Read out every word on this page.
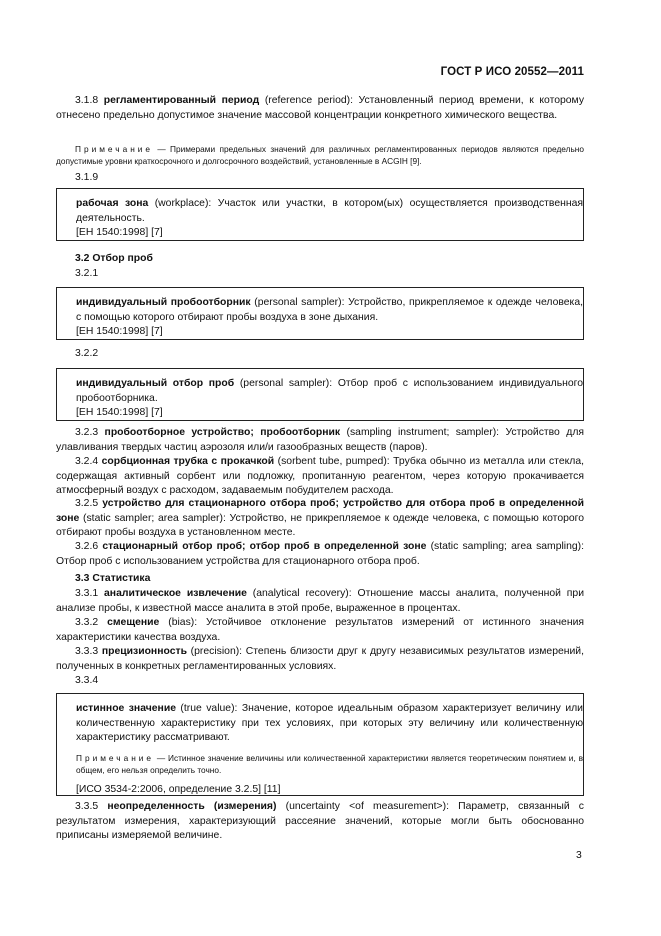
ГОСТ Р ИСО 20552—2011
3.1.8 регламентированный период (reference period): Установленный период времени, к которому отнесено предельно допустимое значение массовой концентрации конкретного химического вещества.
Примечание — Примерами предельных значений для различных регламентированных периодов являются предельно допустимые уровни краткосрочного и долгосрочного воздействий, установленные в ACGIH [9].
3.1.9
рабочая зона (workplace): Участок или участки, в котором(ых) осуществляется производственная деятельность.
[ЕН 1540:1998] [7]
3.2 Отбор проб
3.2.1
индивидуальный пробоотборник (personal sampler): Устройство, прикрепляемое к одежде человека, с помощью которого отбирают пробы воздуха в зоне дыхания.
[ЕН 1540:1998] [7]
3.2.2
индивидуальный отбор проб (personal sampler): Отбор проб с использованием индивидуального пробоотборника.
[ЕН 1540:1998] [7]
3.2.3 пробоотборное устройство; пробоотборник (sampling instrument; sampler): Устройство для улавливания твердых частиц аэрозоля или/и газообразных веществ (паров).
3.2.4 сорбционная трубка с прокачкой (sorbent tube, pumped): Трубка обычно из металла или стекла, содержащая активный сорбент или подложку, пропитанную реагентом, через которую прокачивается атмосферный воздух с расходом, задаваемым побудителем расхода.
3.2.5 устройство для стационарного отбора проб; устройство для отбора проб в определенной зоне (static sampler; area sampler): Устройство, не прикрепляемое к одежде человека, с помощью которого отбирают пробы воздуха в установленном месте.
3.2.6 стационарный отбор проб; отбор проб в определенной зоне (static sampling; area sampling): Отбор проб с использованием устройства для стационарного отбора проб.
3.3 Статистика
3.3.1 аналитическое извлечение (analytical recovery): Отношение массы аналита, полученной при анализе пробы, к известной массе аналита в этой пробе, выраженное в процентах.
3.3.2 смещение (bias): Устойчивое отклонение результатов измерений от истинного значения характеристики качества воздуха.
3.3.3 прецизионность (precision): Степень близости друг к другу независимых результатов измерений, полученных в конкретных регламентированных условиях.
3.3.4
истинное значение (true value): Значение, которое идеальным образом характеризует величину или количественную характеристику при тех условиях, при которых эту величину или количественную характеристику рассматривают.
Примечание — Истинное значение величины или количественной характеристики является теоретическим понятием и, в общем, его нельзя определить точно.
[ИСО 3534-2:2006, определение 3.2.5] [11]
3.3.5 неопределенность (измерения) (uncertainty <of measurement>): Параметр, связанный с результатом измерения, характеризующий рассеяние значений, которые могли быть обоснованно приписаны измеряемой величине.
3
